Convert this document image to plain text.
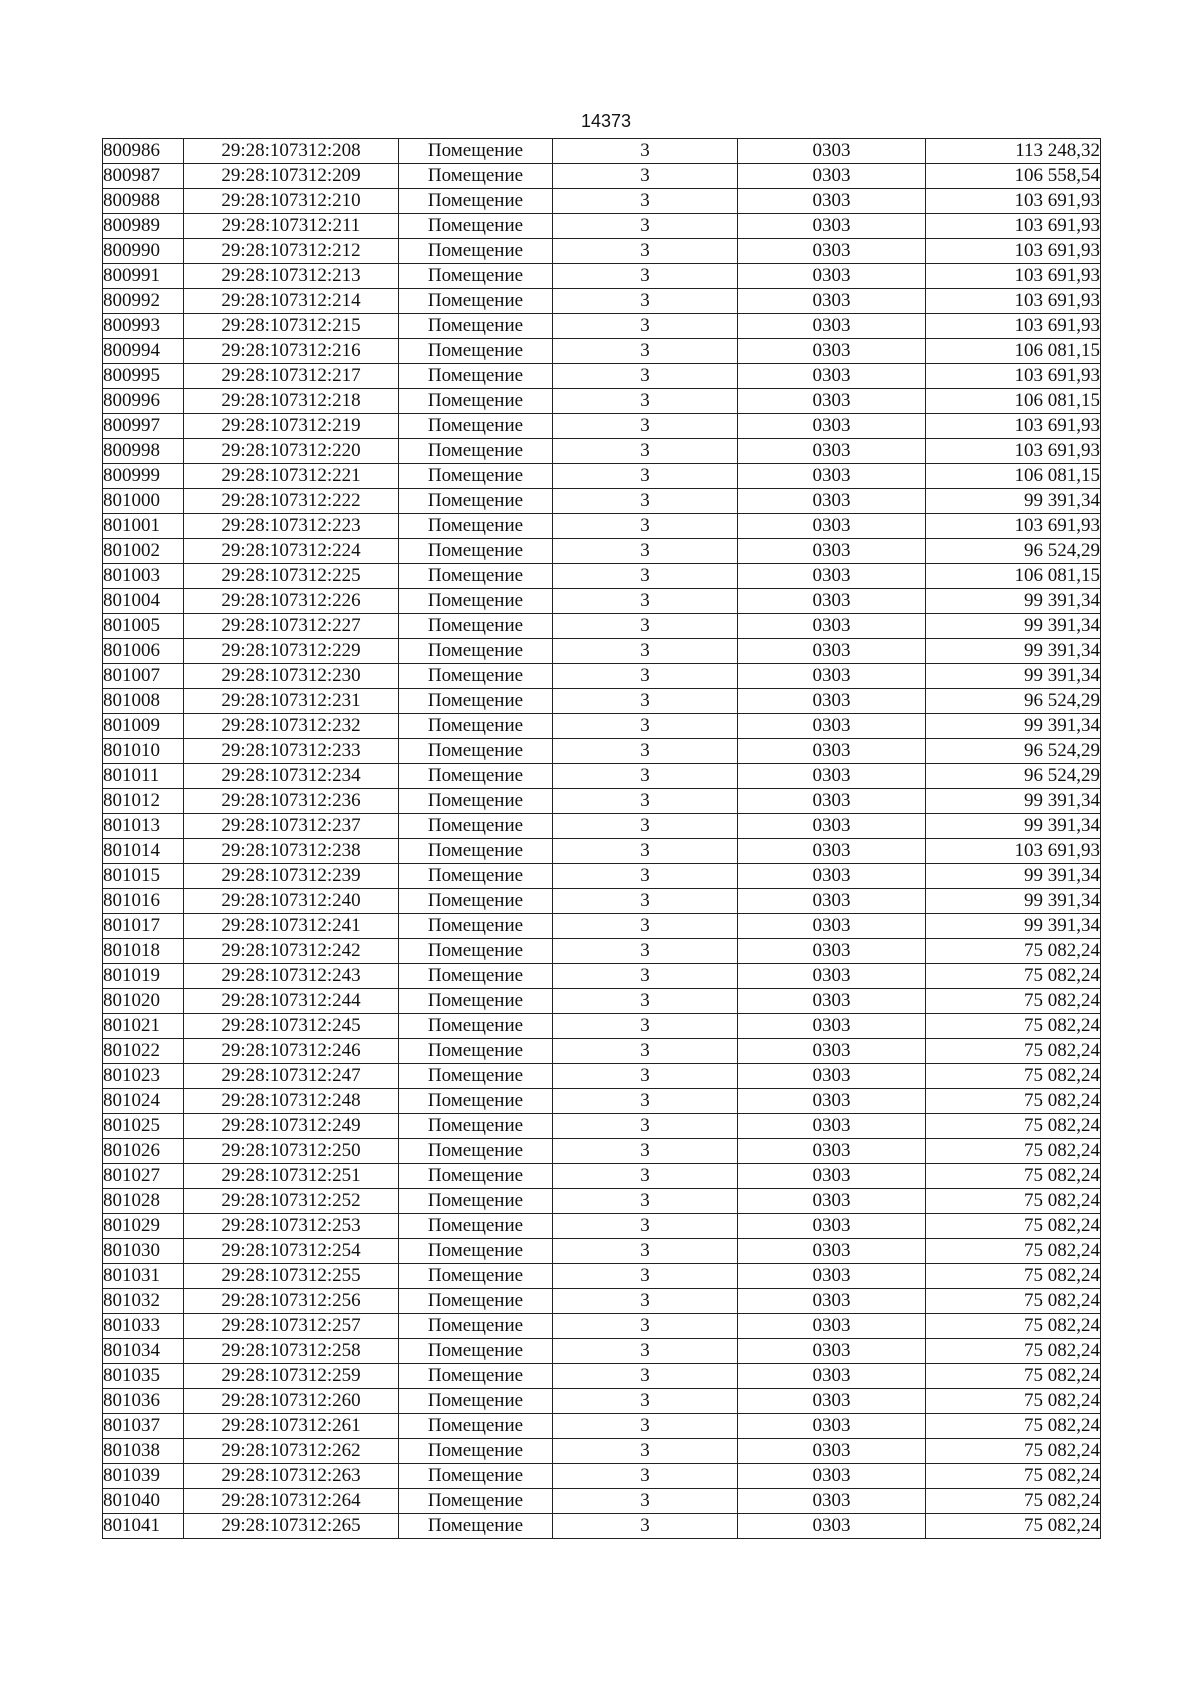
14373
800986	29:28:107312:208	Помещение	3	0303	113 248,32
800987	29:28:107312:209	Помещение	3	0303	106 558,54
800988	29:28:107312:210	Помещение	3	0303	103 691,93
800989	29:28:107312:211	Помещение	3	0303	103 691,93
800990	29:28:107312:212	Помещение	3	0303	103 691,93
800991	29:28:107312:213	Помещение	3	0303	103 691,93
800992	29:28:107312:214	Помещение	3	0303	103 691,93
800993	29:28:107312:215	Помещение	3	0303	103 691,93
800994	29:28:107312:216	Помещение	3	0303	106 081,15
800995	29:28:107312:217	Помещение	3	0303	103 691,93
800996	29:28:107312:218	Помещение	3	0303	106 081,15
800997	29:28:107312:219	Помещение	3	0303	103 691,93
800998	29:28:107312:220	Помещение	3	0303	103 691,93
800999	29:28:107312:221	Помещение	3	0303	106 081,15
801000	29:28:107312:222	Помещение	3	0303	99 391,34
801001	29:28:107312:223	Помещение	3	0303	103 691,93
801002	29:28:107312:224	Помещение	3	0303	96 524,29
801003	29:28:107312:225	Помещение	3	0303	106 081,15
801004	29:28:107312:226	Помещение	3	0303	99 391,34
801005	29:28:107312:227	Помещение	3	0303	99 391,34
801006	29:28:107312:229	Помещение	3	0303	99 391,34
801007	29:28:107312:230	Помещение	3	0303	99 391,34
801008	29:28:107312:231	Помещение	3	0303	96 524,29
801009	29:28:107312:232	Помещение	3	0303	99 391,34
801010	29:28:107312:233	Помещение	3	0303	96 524,29
801011	29:28:107312:234	Помещение	3	0303	96 524,29
801012	29:28:107312:236	Помещение	3	0303	99 391,34
801013	29:28:107312:237	Помещение	3	0303	99 391,34
801014	29:28:107312:238	Помещение	3	0303	103 691,93
801015	29:28:107312:239	Помещение	3	0303	99 391,34
801016	29:28:107312:240	Помещение	3	0303	99 391,34
801017	29:28:107312:241	Помещение	3	0303	99 391,34
801018	29:28:107312:242	Помещение	3	0303	75 082,24
801019	29:28:107312:243	Помещение	3	0303	75 082,24
801020	29:28:107312:244	Помещение	3	0303	75 082,24
801021	29:28:107312:245	Помещение	3	0303	75 082,24
801022	29:28:107312:246	Помещение	3	0303	75 082,24
801023	29:28:107312:247	Помещение	3	0303	75 082,24
801024	29:28:107312:248	Помещение	3	0303	75 082,24
801025	29:28:107312:249	Помещение	3	0303	75 082,24
801026	29:28:107312:250	Помещение	3	0303	75 082,24
801027	29:28:107312:251	Помещение	3	0303	75 082,24
801028	29:28:107312:252	Помещение	3	0303	75 082,24
801029	29:28:107312:253	Помещение	3	0303	75 082,24
801030	29:28:107312:254	Помещение	3	0303	75 082,24
801031	29:28:107312:255	Помещение	3	0303	75 082,24
801032	29:28:107312:256	Помещение	3	0303	75 082,24
801033	29:28:107312:257	Помещение	3	0303	75 082,24
801034	29:28:107312:258	Помещение	3	0303	75 082,24
801035	29:28:107312:259	Помещение	3	0303	75 082,24
801036	29:28:107312:260	Помещение	3	0303	75 082,24
801037	29:28:107312:261	Помещение	3	0303	75 082,24
801038	29:28:107312:262	Помещение	3	0303	75 082,24
801039	29:28:107312:263	Помещение	3	0303	75 082,24
801040	29:28:107312:264	Помещение	3	0303	75 082,24
801041	29:28:107312:265	Помещение	3	0303	75 082,24
